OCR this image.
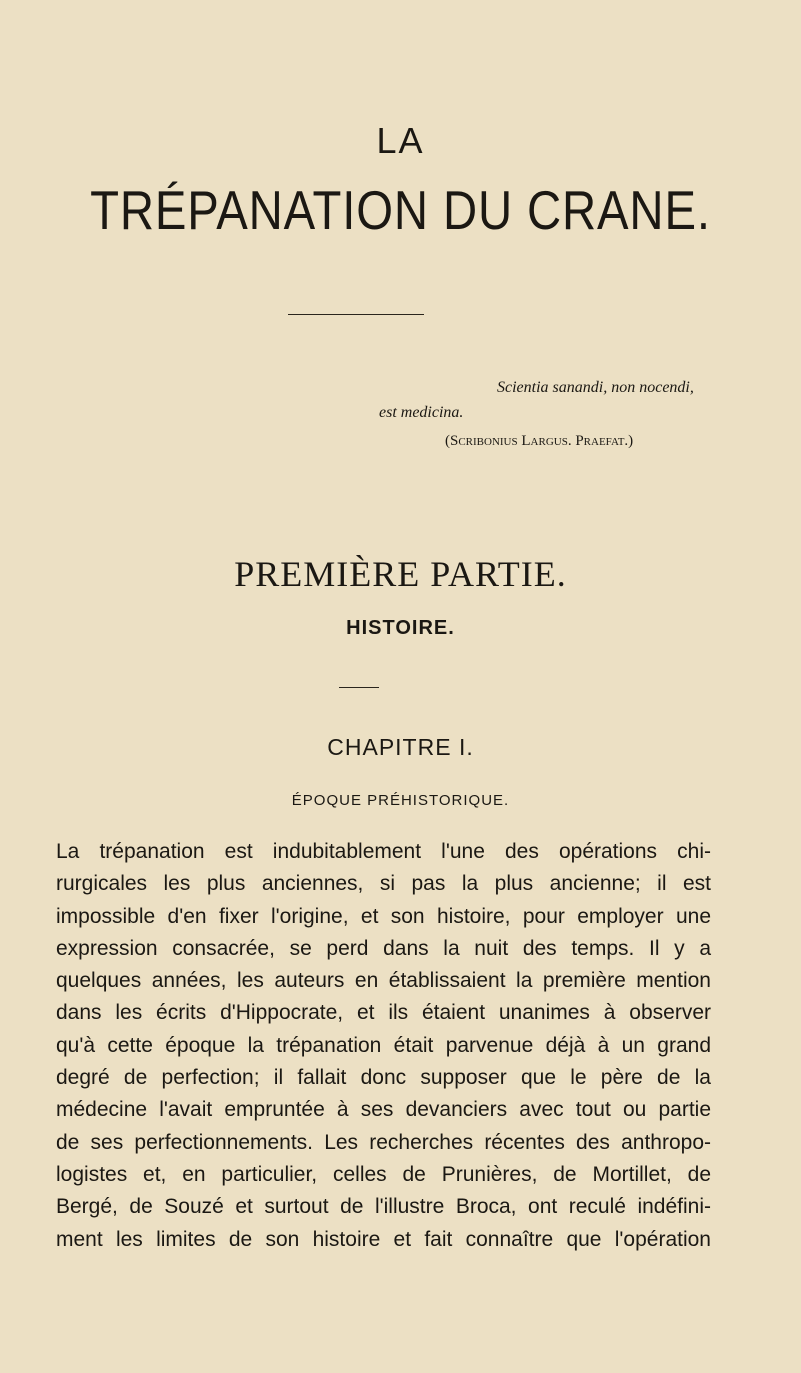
LA
TRÉPANATION DU CRANE.
Scientia sanandi, non nocendi,
est medicina.
(Scribonius Largus. Praefat.)
PREMIÈRE PARTIE.
HISTOIRE.
CHAPITRE I.
ÉPOQUE PRÉHISTORIQUE.
La trépanation est indubitablement l'une des opérations chi-
rurgicales les plus anciennes, si pas la plus ancienne; il est
impossible d'en fixer l'origine, et son histoire, pour employer une
expression consacrée, se perd dans la nuit des temps. Il y a
quelques années, les auteurs en établissaient la première mention
dans les écrits d'Hippocrate, et ils étaient unanimes à observer
qu'à cette époque la trépanation était parvenue déjà à un grand
degré de perfection; il fallait donc supposer que le père de la
médecine l'avait empruntée à ses devanciers avec tout ou partie
de ses perfectionnements. Les recherches récentes des anthropo-
logistes et, en particulier, celles de Prunières, de Mortillet, de
Bergé, de Souzé et surtout de l'illustre Broca, ont reculé indéfini-
ment les limites de son histoire et fait connaître que l'opération
